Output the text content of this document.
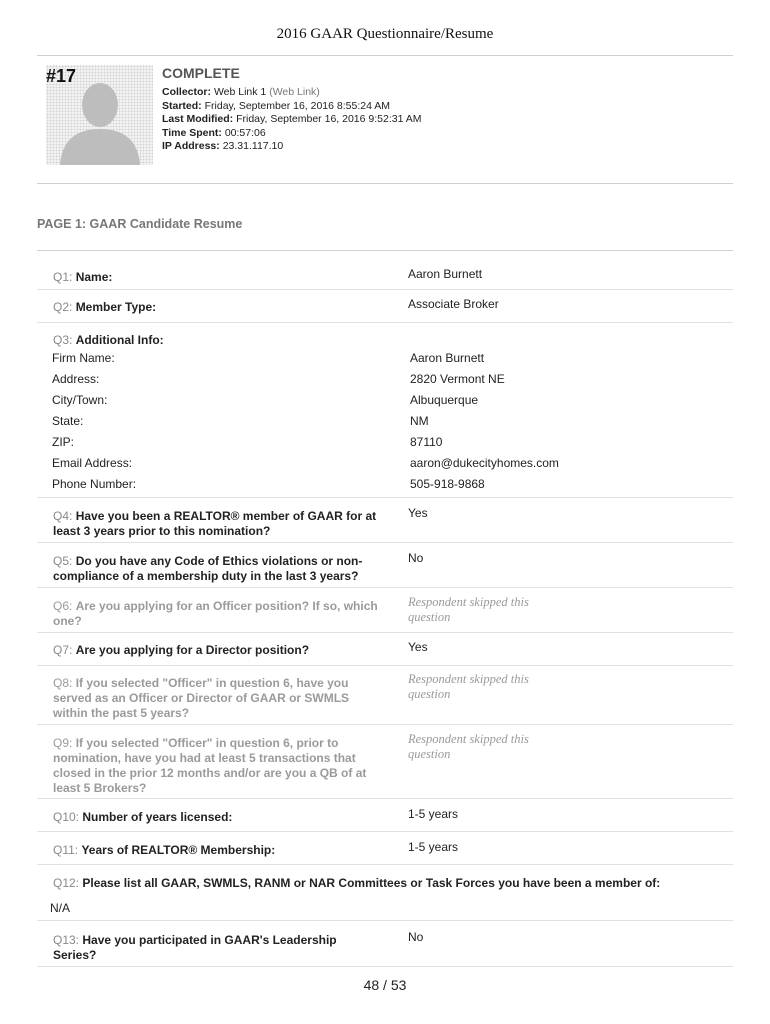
2016 GAAR Questionnaire/Resume
#17	COMPLETE
Collector: Web Link 1 (Web Link)
Started: Friday, September 16, 2016 8:55:24 AM
Last Modified: Friday, September 16, 2016 9:52:31 AM
Time Spent: 00:57:06
IP Address: 23.31.117.10
PAGE 1: GAAR Candidate Resume
Q1: Name:	Aaron Burnett
Q2: Member Type:	Associate Broker
Q3: Additional Info:
Firm Name:	Aaron Burnett
Address:	2820 Vermont NE
City/Town:	Albuquerque
State:	NM
ZIP:	87110
Email Address:	aaron@dukecityhomes.com
Phone Number:	505-918-9868
Q4: Have you been a REALTOR® member of GAAR for at
least 3 years prior to this nomination?
Yes
Q5: Do you have any Code of Ethics violations or non-
compliance of a membership duty in the last 3 years?
No
Q6: Are you applying for an Officer position? If so, which
one?
Respondent skipped this
question
Q7: Are you applying for a Director position?	Yes
Q8: If you selected "Officer" in question 6, have you
served as an Officer or Director of GAAR or SWMLS
within the past 5 years?
Respondent skipped this
question
Q9: If you selected "Officer" in question 6, prior to
nomination, have you had at least 5 transactions that
closed in the prior 12 months and/or are you a QB of at
least 5 Brokers?
Respondent skipped this
question
Q10: Number of years licensed:	1-5 years
Q11: Years of REALTOR® Membership:	1-5 years
Q12: Please list all GAAR, SWMLS, RANM or NAR Committees or Task Forces you have been a member of:
N/A
Q13: Have you participated in GAAR's Leadership
Series?
No
48 / 53
